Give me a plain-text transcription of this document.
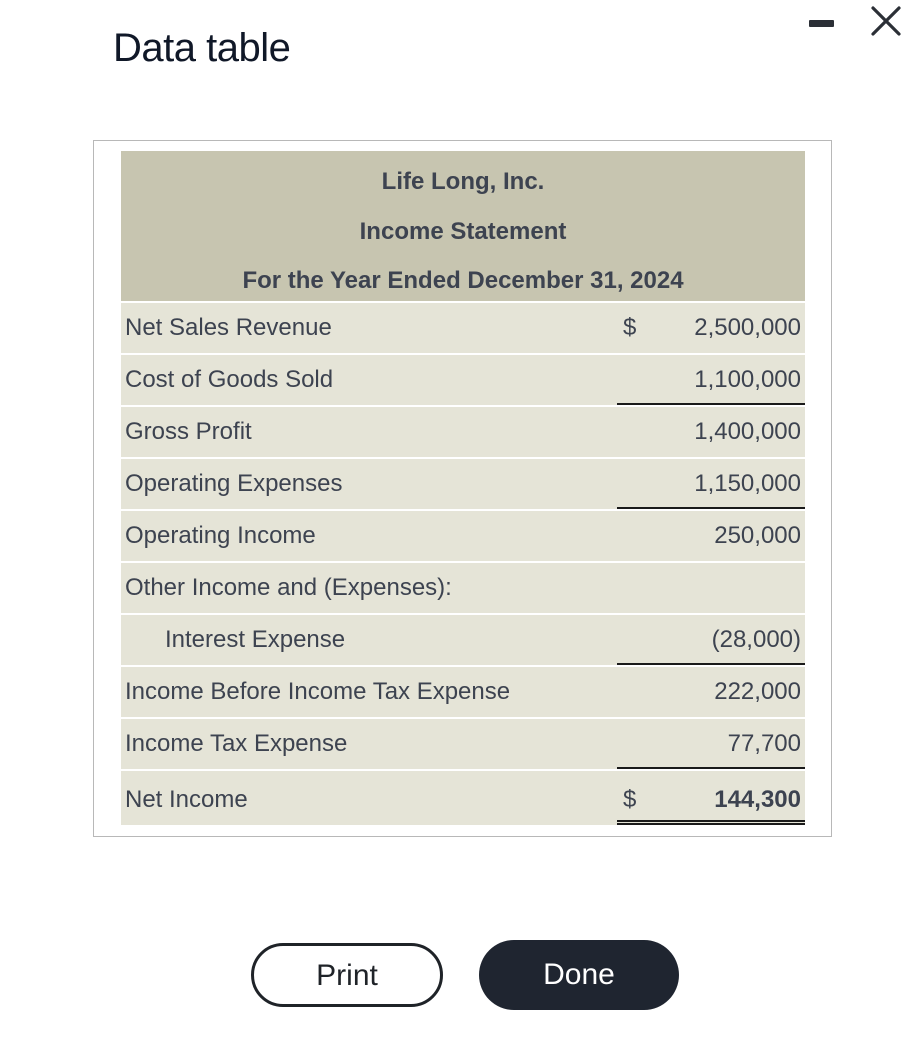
Data table
Life Long, Inc.
Income Statement
For the Year Ended December 31, 2024
Net Sales Revenue	$ 2,500,000
Cost of Goods Sold	1,100,000
Gross Profit	1,400,000
Operating Expenses	1,150,000
Operating Income	250,000
Other Income and (Expenses):
Interest Expense	(28,000)
Income Before Income Tax Expense	222,000
Income Tax Expense	77,700
Net Income	$	144,300
Print	Done
